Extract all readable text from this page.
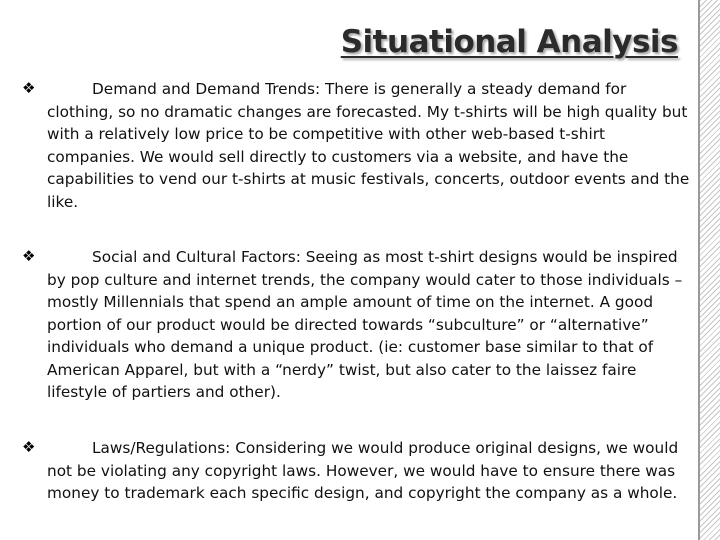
Situational Analysis
❖	Demand and Demand Trends: There is generally a steady demand for clothing, so no dramatic changes are forecasted. My t-shirts will be high quality but with a relatively low price to be competitive with other web-based t-shirt companies. We would sell directly to customers via a website, and have the capabilities to vend our t-shirts at music festivals, concerts, outdoor events and the like.

❖	Social and Cultural Factors: Seeing as most t-shirt designs would be inspired by pop culture and internet trends, the company would cater to those individuals – mostly Millennials that spend an ample amount of time on the internet. A good portion of our product would be directed towards “subculture” or “alternative” individuals who demand a unique product. (ie: customer base similar to that of American Apparel, but with a “nerdy” twist, but also cater to the laissez faire lifestyle of partiers and other).

❖	Laws/Regulations: Considering we would produce original designs, we would not be violating any copyright laws. However, we would have to ensure there was money to trademark each specific design, and copyright the company as a whole.
